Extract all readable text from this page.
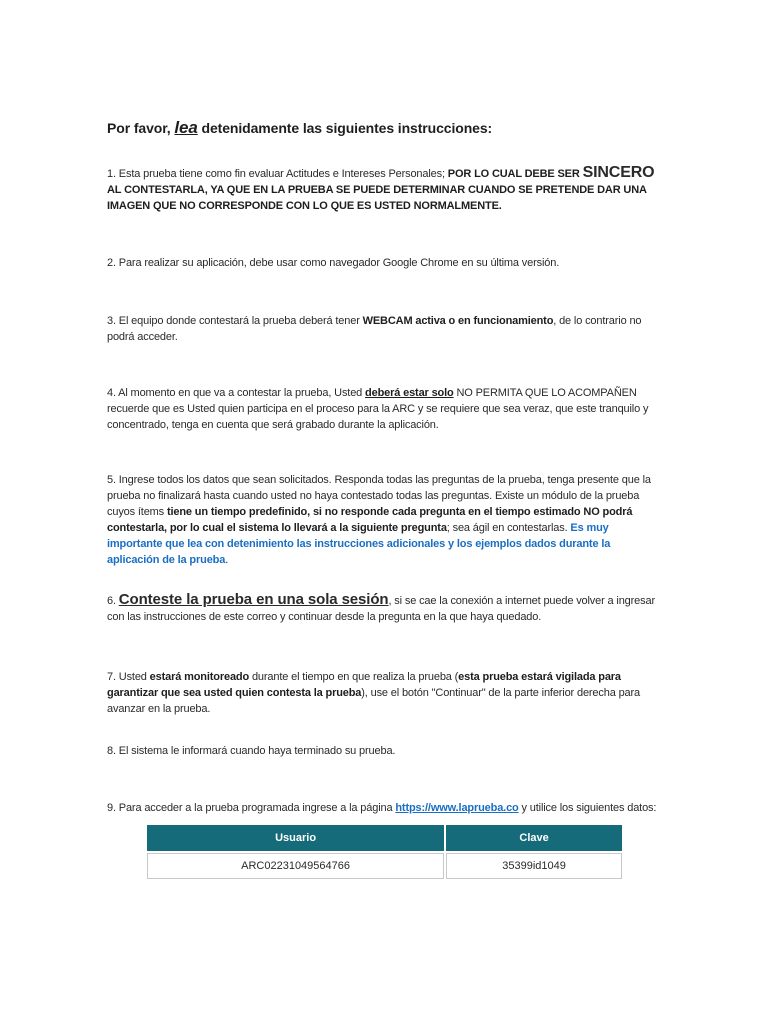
Por favor, lea detenidamente las siguientes instrucciones:
1. Esta prueba tiene como fin evaluar Actitudes e Intereses Personales; POR LO CUAL DEBE SER SINCERO AL CONTESTARLA, YA QUE EN LA PRUEBA SE PUEDE DETERMINAR CUANDO SE PRETENDE DAR UNA IMAGEN QUE NO CORRESPONDE CON LO QUE ES USTED NORMALMENTE.
2. Para realizar su aplicación, debe usar como navegador Google Chrome en su última versión.
3. El equipo donde contestará la prueba deberá tener WEBCAM activa o en funcionamiento, de lo contrario no podrá acceder.
4. Al momento en que va a contestar la prueba, Usted deberá estar solo NO PERMITA QUE LO ACOMPAÑEN recuerde que es Usted quien participa en el proceso para la ARC y se requiere que sea veraz, que este tranquilo y concentrado, tenga en cuenta que será grabado durante la aplicación.
5. Ingrese todos los datos que sean solicitados. Responda todas las preguntas de la prueba, tenga presente que la prueba no finalizará hasta cuando usted no haya contestado todas las preguntas. Existe un módulo de la prueba cuyos ítems tiene un tiempo predefinido, si no responde cada pregunta en el tiempo estimado NO podrá contestarla, por lo cual el sistema lo llevará a la siguiente pregunta; sea ágil en contestarlas. Es muy importante que lea con detenimiento las instrucciones adicionales y los ejemplos dados durante la aplicación de la prueba.
6. Conteste la prueba en una sola sesión, si se cae la conexión a internet puede volver a ingresar con las instrucciones de este correo y continuar desde la pregunta en la que haya quedado.
7. Usted estará monitoreado durante el tiempo en que realiza la prueba (esta prueba estará vigilada para garantizar que sea usted quien contesta la prueba), use el botón "Continuar" de la parte inferior derecha para avanzar en la prueba.
8. El sistema le informará cuando haya terminado su prueba.
9. Para acceder a la prueba programada ingrese a la página https://www.laprueba.co y utilice los siguientes datos:
Usuario	Clave
ARC02231049564766	35399id1049
